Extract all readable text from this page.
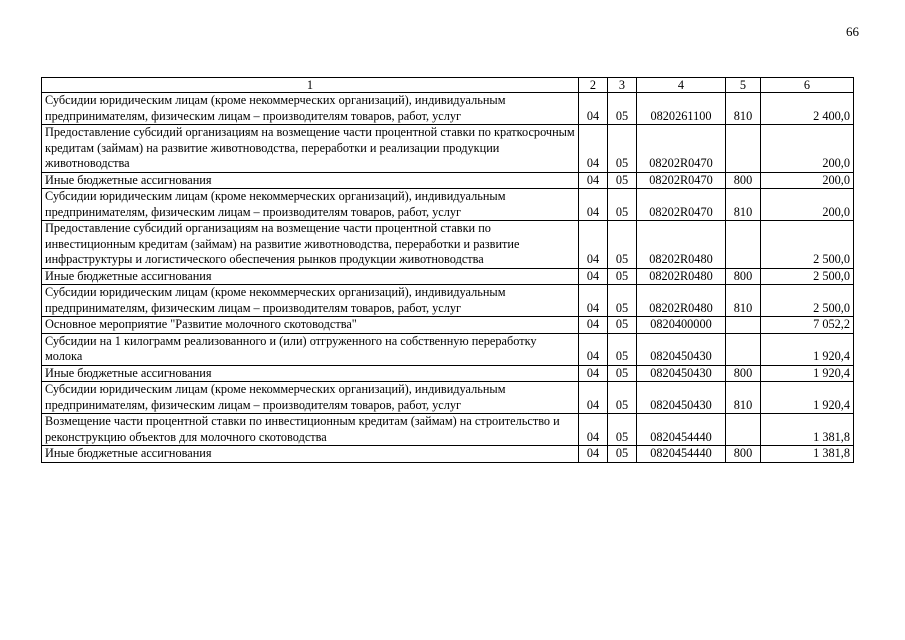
66
1	2	3	4	5	6
Субсидии юридическим лицам (кроме некоммерческих организаций), индивидуальным предпринимателям, физическим лицам – производителям товаров, работ, услуг	04	05	0820261100	810	2 400,0
Предоставление субсидий организациям на возмещение части процентной ставки по краткосрочным кредитам (займам) на развитие животноводства, переработки и реализации продукции животноводства	04	05	08202R0470		200,0
Иные бюджетные ассигнования	04	05	08202R0470	800	200,0
Субсидии юридическим лицам (кроме некоммерческих организаций), индивидуальным предпринимателям, физическим лицам – производителям товаров, работ, услуг	04	05	08202R0470	810	200,0
Предоставление субсидий организациям на возмещение части процентной ставки по инвестиционным кредитам (займам) на развитие животноводства, переработки и развитие инфраструктуры и логистического обеспечения рынков продукции животноводства	04	05	08202R0480		2 500,0
Иные бюджетные ассигнования	04	05	08202R0480	800	2 500,0
Субсидии юридическим лицам (кроме некоммерческих организаций), индивидуальным предпринимателям, физическим лицам – производителям товаров, работ, услуг	04	05	08202R0480	810	2 500,0
Основное мероприятие "Развитие молочного скотоводства"	04	05	0820400000		7 052,2
Субсидии на 1 килограмм реализованного и (или) отгруженного на собственную переработку молока	04	05	0820450430		1 920,4
Иные бюджетные ассигнования	04	05	0820450430	800	1 920,4
Субсидии юридическим лицам (кроме некоммерческих организаций), индивидуальным предпринимателям, физическим лицам – производителям товаров, работ, услуг	04	05	0820450430	810	1 920,4
Возмещение части процентной ставки по инвестиционным кредитам (займам) на строительство и реконструкцию объектов для молочного скотоводства	04	05	0820454440		1 381,8
Иные бюджетные ассигнования	04	05	0820454440	800	1 381,8
